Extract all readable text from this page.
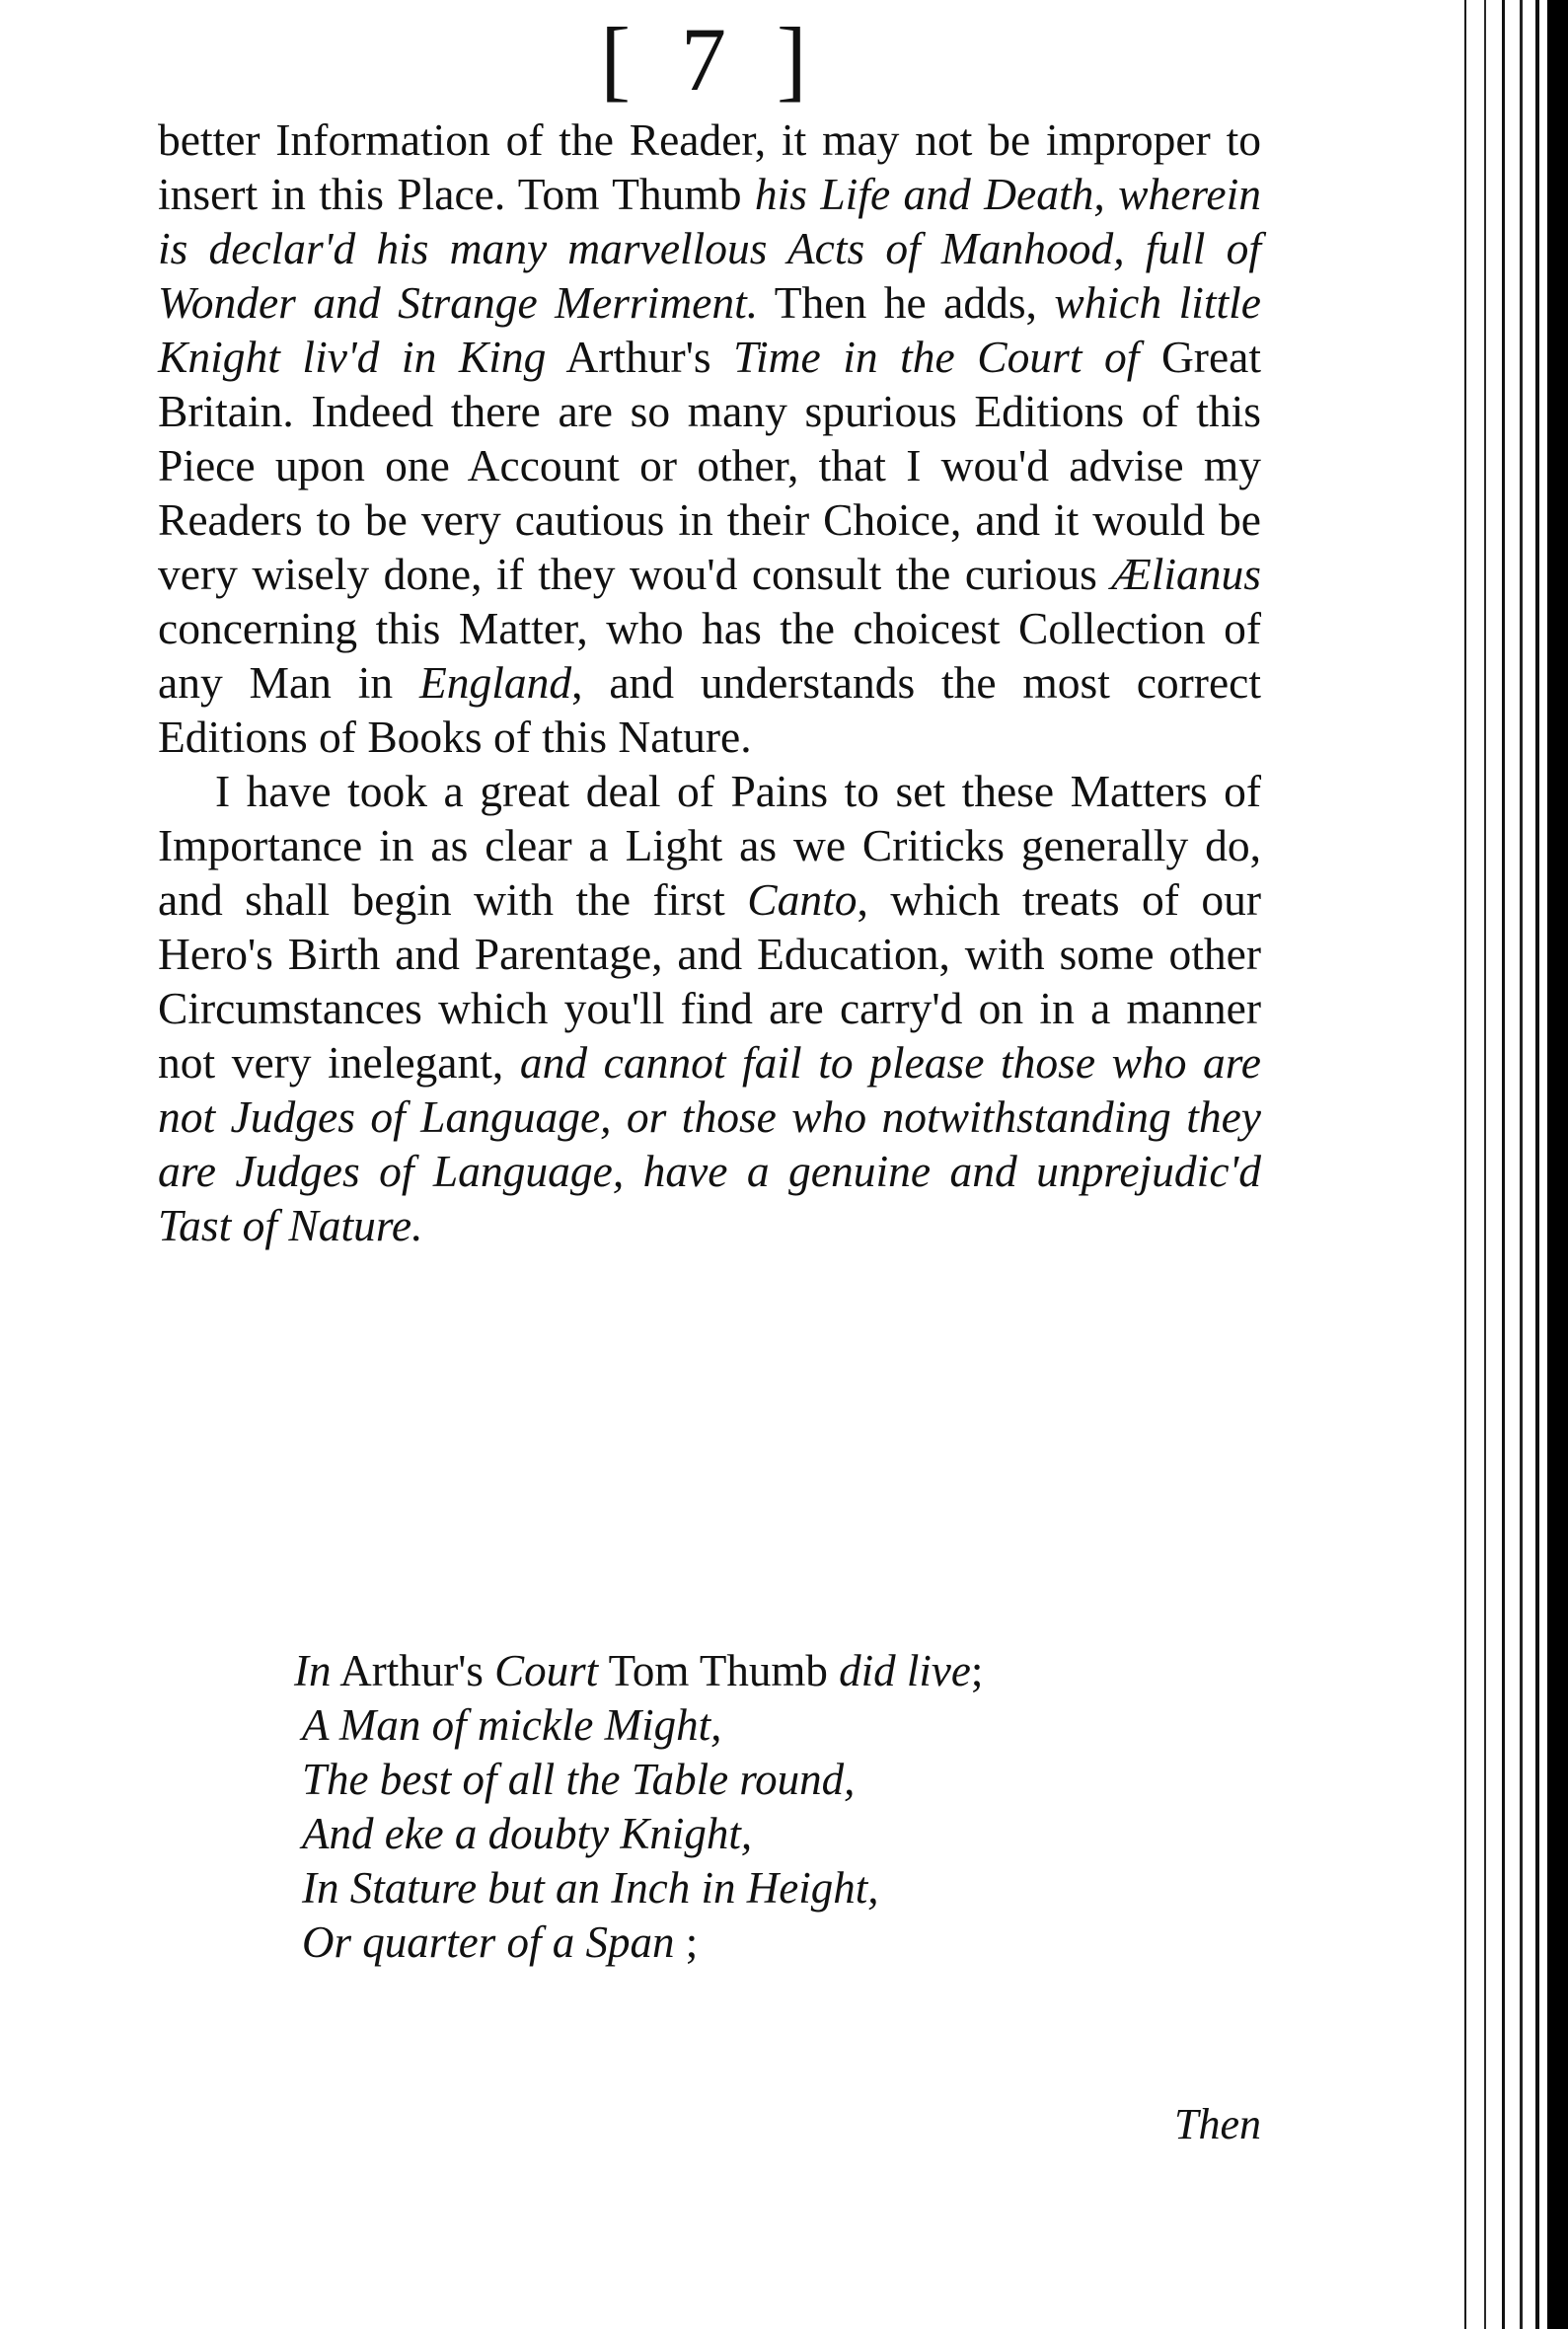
[ 7 ]

better Information of the Reader, it may not be improper to insert in this Place. Tom Thumb his Life and Death, wherein is declar'd his many marvellous Acts of Manhood, full of Wonder and Strange Merriment. Then he adds, which little Knight liv'd in King Arthur's Time in the Court of Great Britain. Indeed there are so many spurious Editions of this Piece upon one Account or other, that I wou'd advise my Readers to be very cautious in their Choice, and it would be very wisely done, if they wou'd consult the curious Ælianus concerning this Matter, who has the choicest Collection of any Man in England, and understands the most correct Editions of Books of this Nature.

I have took a great deal of Pains to set these Matters of Importance in as clear a Light as we Criticks generally do, and shall begin with the first Canto, which treats of our Hero's Birth and Parentage, and Education, with some other Circumstances which you'll find are carry'd on in a manner not very inelegant, and cannot fail to please those who are not Judges of Language, or those who notwithstanding they are Judges of Language, have a genuine and unprejudic'd Tast of Nature.

In Arthur's Court Tom Thumb did live;
A Man of mickle Might,
The best of all the Table round,
And eke a doubty Knight,
In Stature but an Inch in Height,
Or quarter of a Span ;
Then
